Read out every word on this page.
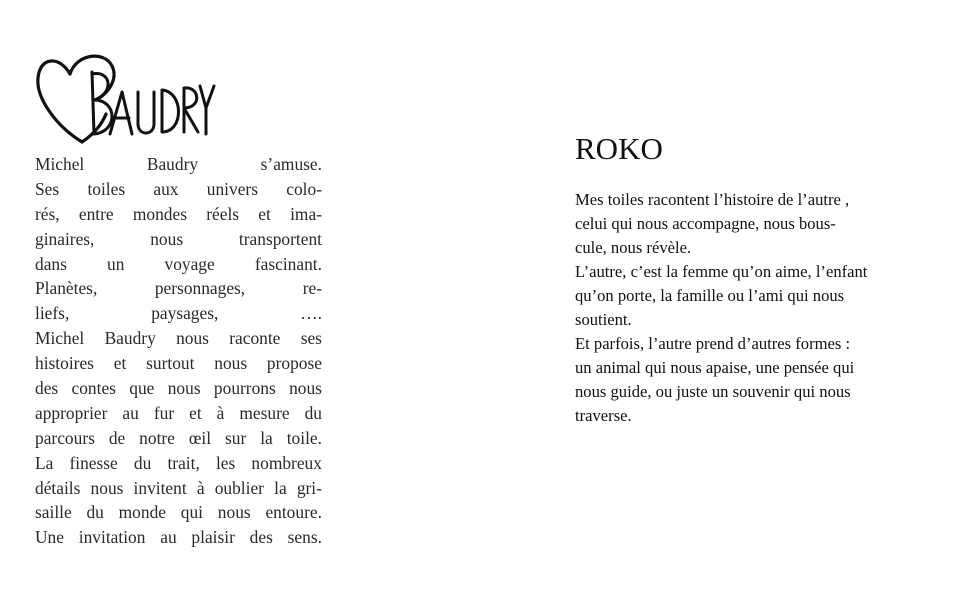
Michel	Baudry	s’amuse.
Ses toiles aux univers colo-
rés, entre mondes réels et ima-
ginaires,	nous	transportent
dans un voyage fascinant.
Planètes,	personnages,	re-
liefs,	paysages,	….
Michel Baudry nous raconte ses
histoires et surtout nous propose
des contes que nous pourrons nous
approprier au fur et à mesure du
parcours de notre œil sur la toile.
La finesse du trait, les nombreux
détails nous invitent à oublier la gri-
saille du monde qui nous entoure.
Une invitation au plaisir des sens.
ROKO
Mes toiles racontent l’histoire de l’autre ,
celui qui nous accompagne, nous bous-
cule, nous révèle.
L’autre, c’est la femme qu’on aime, l’enfant
qu’on porte, la famille ou l’ami qui nous
soutient.
Et parfois, l’autre prend d’autres formes :
un animal qui nous apaise, une pensée qui
nous guide, ou juste un souvenir qui nous
traverse.
